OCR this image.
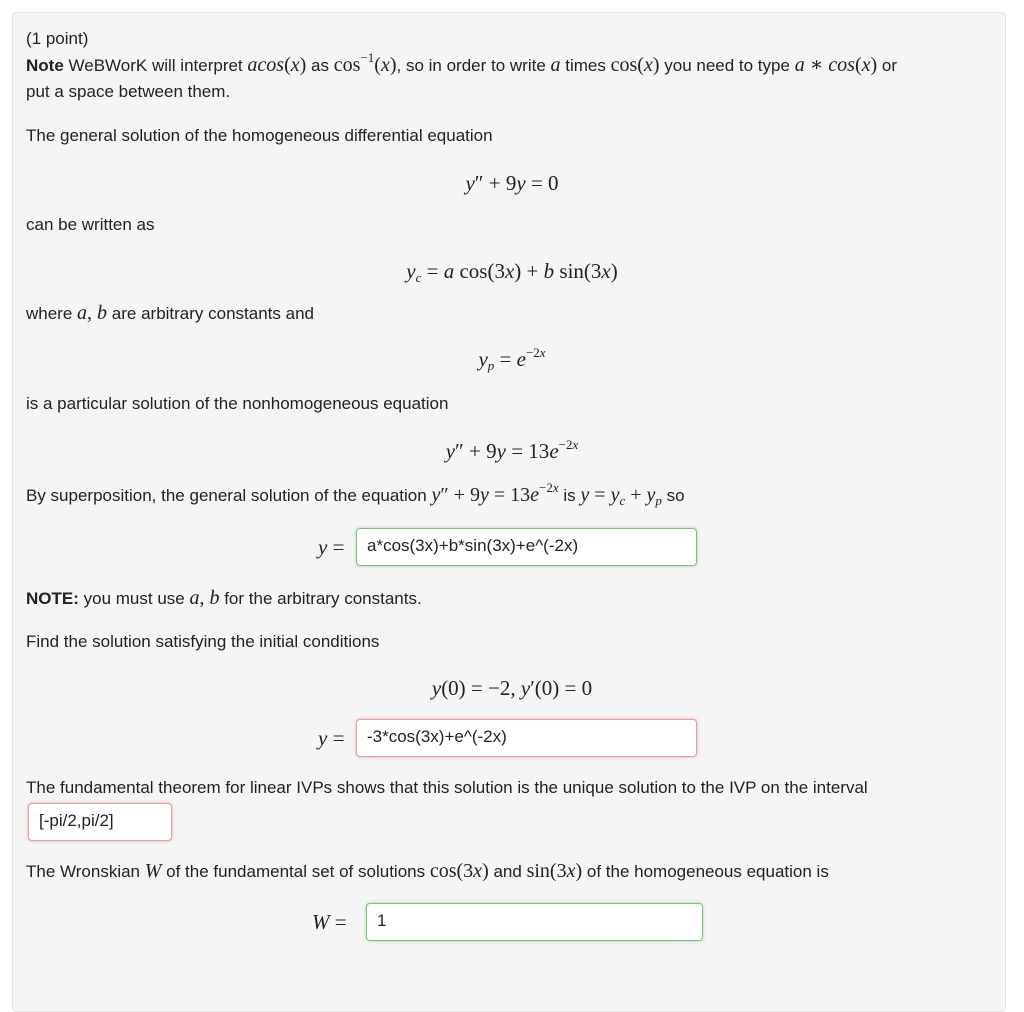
(1 point)
Note WeBWorK will interpret acos(x) as $\cos^{-1}(x)$, so in order to write a times cos(x) you need to type a ∗ cos(x) or
put a space between them.
The general solution of the homogeneous differential equation
y″ + 9y = 0
can be written as
$y_c = a$ cos(3x) + b sin(3x)
where a, b are arbitrary constants and
$y_p = e^{-2x}$
is a particular solution of the nonhomogeneous equation
$y'' + 9y = 13e^{-2x}$
By superposition, the general solution of the equation $y'' + 9y = 13e^{-2x}$ is $y = y_c + y_p$ so
y =	a*cos(3x)+b*sin(3x)+e^(-2x)
NOTE: you must use a, b for the arbitrary constants.
Find the solution satisfying the initial conditions
y(0) = −2, y′(0) = 0
y =	-3*cos(3x)+e^(-2x)
The fundamental theorem for linear IVPs shows that this solution is the unique solution to the IVP on the interval
[-pi/2,pi/2]
The Wronskian W of the fundamental set of solutions cos(3x) and sin(3x) of the homogeneous equation is
W =	1
